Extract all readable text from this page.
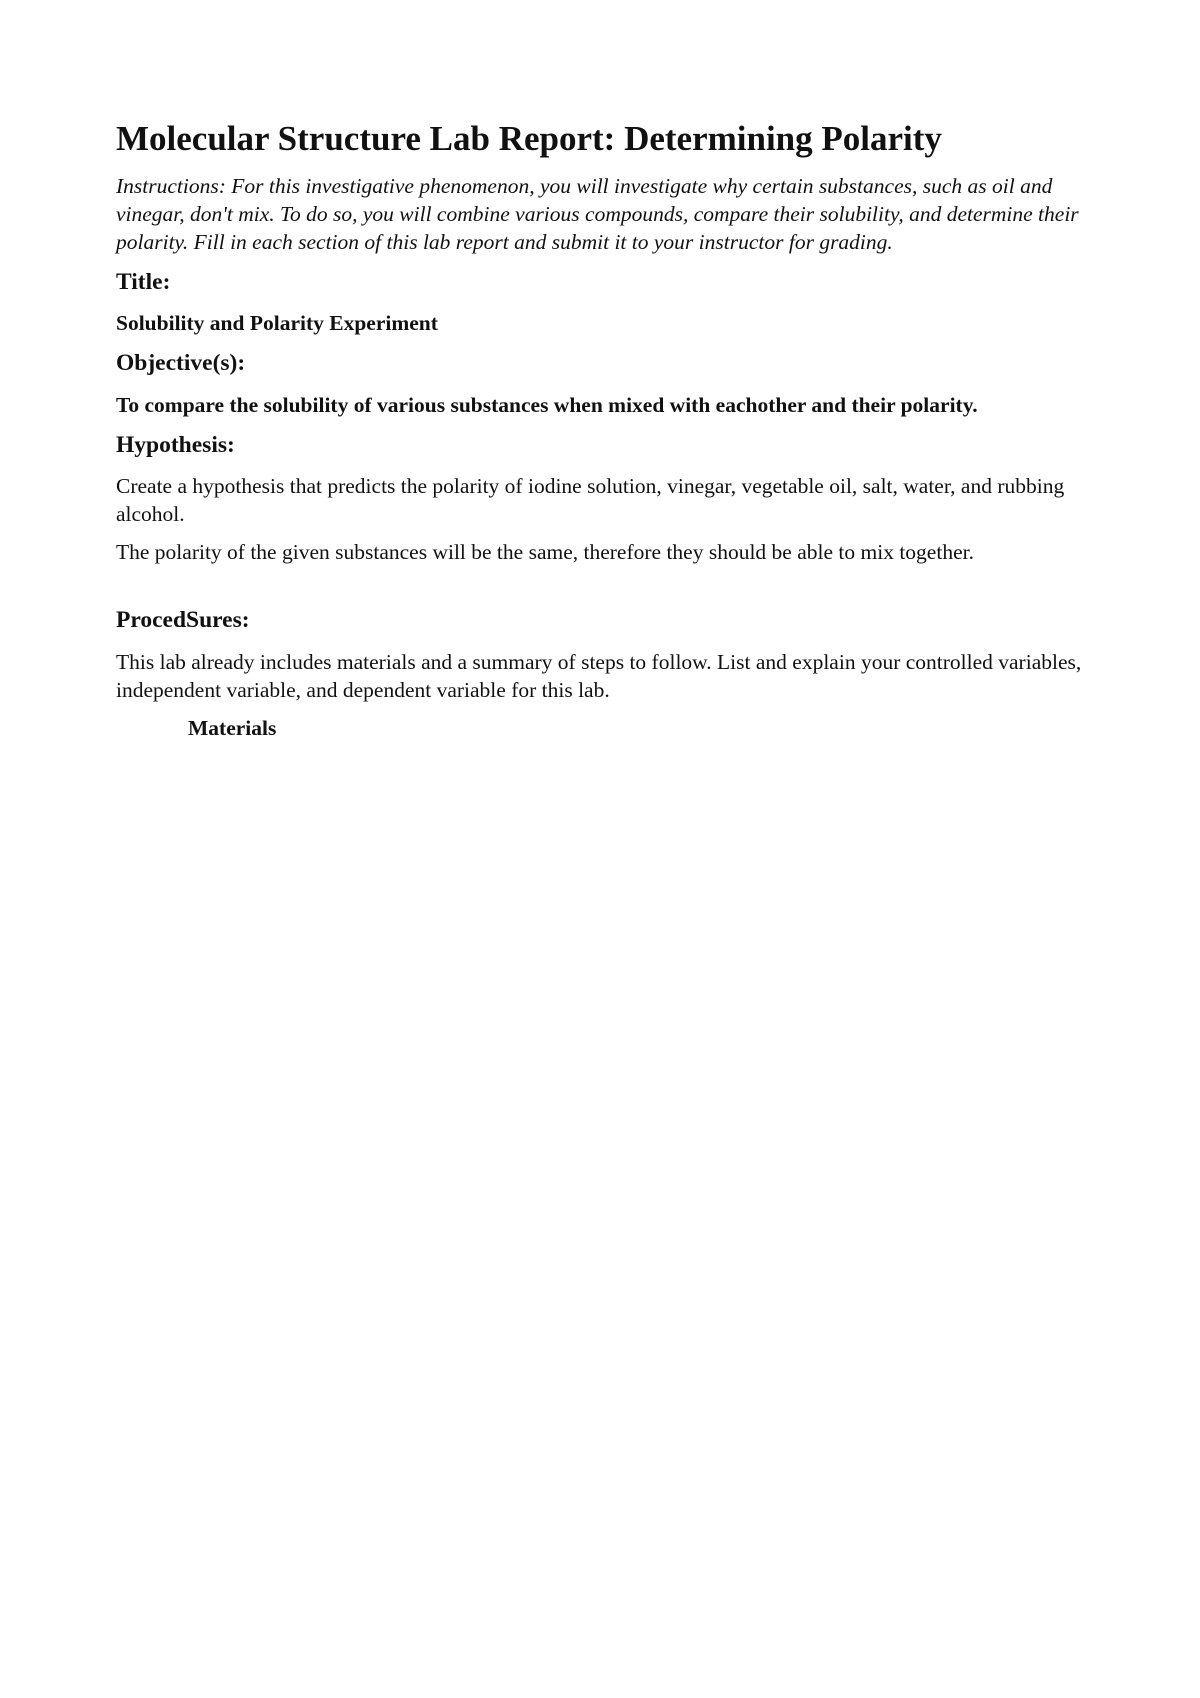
Molecular Structure Lab Report: Determining Polarity

Instructions: For this investigative phenomenon, you will investigate why certain substances, such as oil and vinegar, don't mix. To do so, you will combine various compounds, compare their solubility, and determine their polarity. Fill in each section of this lab report and submit it to your instructor for grading.

Title:

Solubility and Polarity Experiment

Objective(s):

To compare the solubility of various substances when mixed with eachother and their polarity.

Hypothesis:

Create a hypothesis that predicts the polarity of iodine solution, vinegar, vegetable oil, salt, water, and rubbing alcohol.

The polarity of the given substances will be the same, therefore they should be able to mix together.

ProcedSures:

This lab already includes materials and a summary of steps to follow. List and explain your controlled variables, independent variable, and dependent variable for this lab.

Materials
